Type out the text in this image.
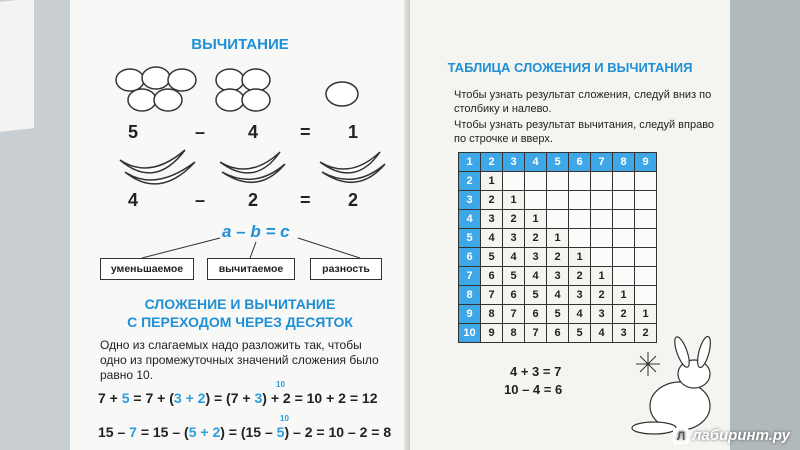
ВЫЧИТАНИЕ
5	– 4 = 1
4	– 2 = 2
a – b = c
уменьшаемое	вычитаемое	разность
СЛОЖЕНИЕ И ВЫЧИТАНИЕ
С ПЕРЕХОДОМ ЧЕРЕЗ ДЕСЯТОК
Одно из слагаемых надо разложить так, чтобы одно из промежуточных значений сложения было равно 10.
10
7 + 5 = 7 + (3 + 2) = (7 + 3) + 2 = 10 + 2 = 12
10
15 – 7 = 15 – (5 + 2) = (15 – 5) – 2 = 10 – 2 = 8
ТАБЛИЦА СЛОЖЕНИЯ И ВЫЧИТАНИЯ
Чтобы узнать результат сложения, следуй вниз по столбику и налево.
Чтобы узнать результат вычитания, следуй вправо по строчке и вверх.
1	2	3	4	5	6	7	8	9
2	1							
3	2	1						
4	3	2	1					
5	4	3	2	1				
6	5	4	3	2	1			
7	6	5	4	3	2	1		
8	7	6	5	4	3	2	1	
9	8	7	6	5	4	3	2	1
10	9	8	7	6	5	4	3	2
4 + 3 = 7
10 – 4 = 6
Л лабиринт.ру
